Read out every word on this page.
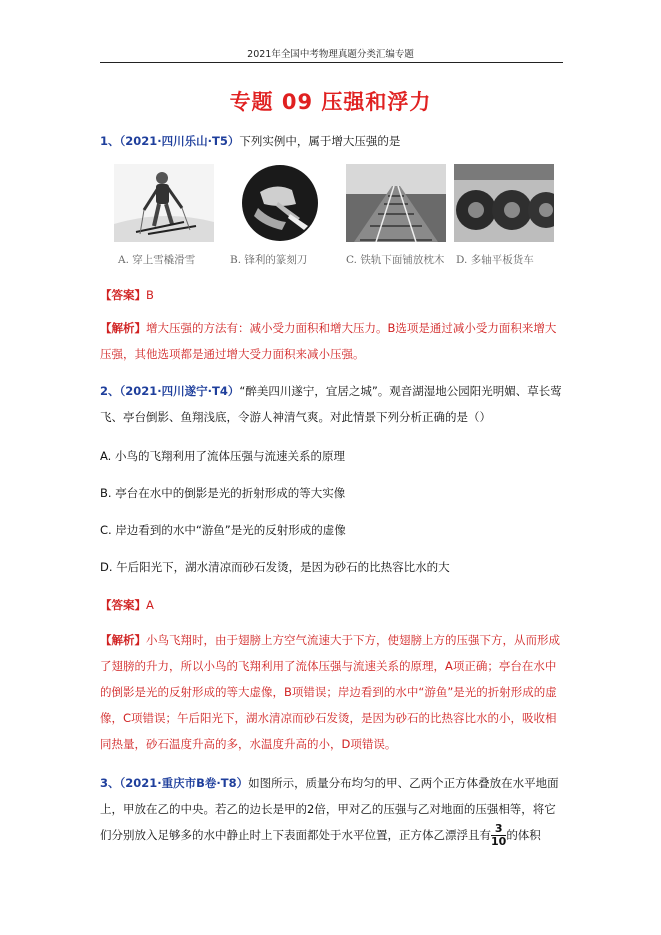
2021年全国中考物理真题分类汇编专题
专题 09 压强和浮力
1、（2021·四川乐山·T5）下列实例中，属于增大压强的是
A. 穿上雪橇滑雪	B. 锋利的篆刻刀	C. 铁轨下面铺放枕木 D. 多轴平板货车
【答案】B
【解析】增大压强的方法有：减小受力面积和增大压力。B选项是通过减小受力面积来增大压强，其他选项都是通过增大受力面积来减小压强。
2、（2021·四川遂宁·T4）“醉美四川遂宁，宜居之城”。观音湖湿地公园阳光明媚、草长莺飞、亭台倒影、鱼翔浅底，令游人神清气爽。对此情景下列分析正确的是（）
A. 小鸟的飞翔利用了流体压强与流速关系的原理
B. 亭台在水中的倒影是光的折射形成的等大实像
C. 岸边看到的水中“游鱼”是光的反射形成的虚像
D. 午后阳光下，湖水清凉而砂石发烫，是因为砂石的比热容比水的大
【答案】A
【解析】小鸟飞翔时，由于翅膀上方空气流速大于下方，使翅膀上方的压强下方，从而形成了翅膀的升力，所以小鸟的飞翔利用了流体压强与流速关系的原理，A项正确；亭台在水中的倒影是光的反射形成的等大虚像，B项错误；岸边看到的水中“游鱼”是光的折射形成的虚像，C项错误；午后阳光下，湖水清凉而砂石发烫，是因为砂石的比热容比水的小，吸收相同热量，砂石温度升高的多，水温度升高的小，D项错误。
3、（2021·重庆市B卷·T8）如图所示，质量分布均匀的甲、乙两个正方体叠放在水平地面上，甲放在乙的中央。若乙的边长是甲的2倍，甲对乙的压强与乙对地面的压强相等，将它们分别放入足够多的水中静止时上下表面都处于水平位置，正方体乙漂浮且有 $\frac{3}{10}$ 的体积
